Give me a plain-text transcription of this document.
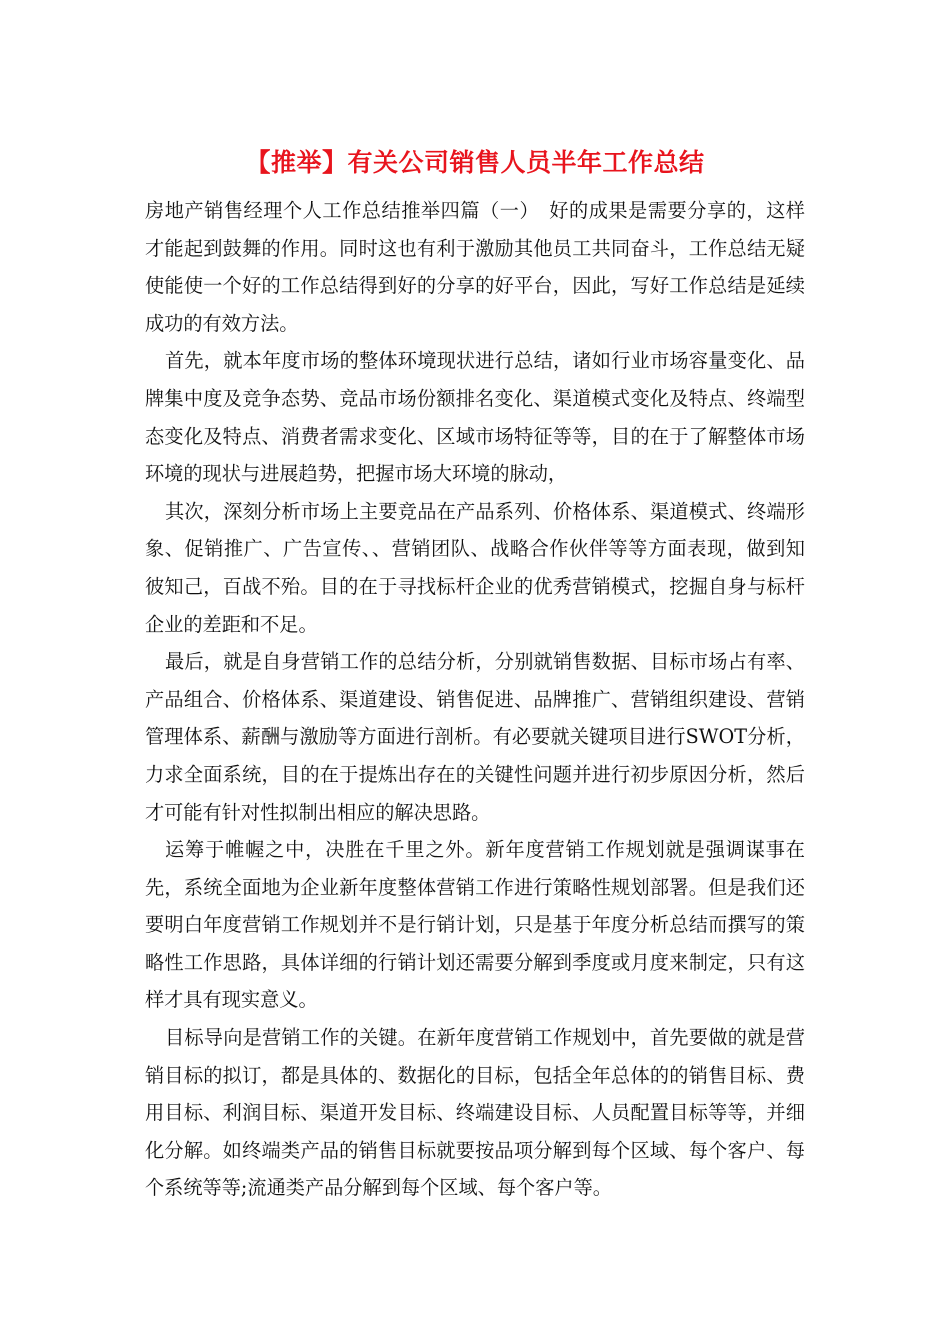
【推举】有关公司销售人员半年工作总结

房地产销售经理个人工作总结推举四篇（一）　好的成果是需要分享的，这样才能起到鼓舞的作用。同时这也有利于激励其他员工共同奋斗，工作总结无疑使能使一个好的工作总结得到好的分享的好平台，因此，写好工作总结是延续成功的有效方法。

首先，就本年度市场的整体环境现状进行总结，诸如行业市场容量变化、品牌集中度及竞争态势、竞品市场份额排名变化、渠道模式变化及特点、终端型态变化及特点、消费者需求变化、区域市场特征等等，目的在于了解整体市场环境的现状与进展趋势，把握市场大环境的脉动，

其次，深刻分析市场上主要竞品在产品系列、价格体系、渠道模式、终端形象、促销推广、广告宣传、、营销团队、战略合作伙伴等等方面表现，做到知彼知己，百战不殆。目的在于寻找标杆企业的优秀营销模式，挖掘自身与标杆企业的差距和不足。

最后，就是自身营销工作的总结分析，分别就销售数据、目标市场占有率、产品组合、价格体系、渠道建设、销售促进、品牌推广、营销组织建设、营销管理体系、薪酬与激励等方面进行剖析。有必要就关键项目进行SWOT分析，力求全面系统，目的在于提炼出存在的关键性问题并进行初步原因分析，然后才可能有针对性拟制出相应的解决思路。

运筹于帷幄之中，决胜在千里之外。新年度营销工作规划就是强调谋事在先，系统全面地为企业新年度整体营销工作进行策略性规划部署。但是我们还要明白年度营销工作规划并不是行销计划，只是基于年度分析总结而撰写的策略性工作思路，具体详细的行销计划还需要分解到季度或月度来制定，只有这样才具有现实意义。

目标导向是营销工作的关键。在新年度营销工作规划中，首先要做的就是营销目标的拟订，都是具体的、数据化的目标，包括全年总体的的销售目标、费用目标、利润目标、渠道开发目标、终端建设目标、人员配置目标等等，并细化分解。如终端类产品的销售目标就要按品项分解到每个区域、每个客户、每个系统等等;流通类产品分解到每个区域、每个客户等。
